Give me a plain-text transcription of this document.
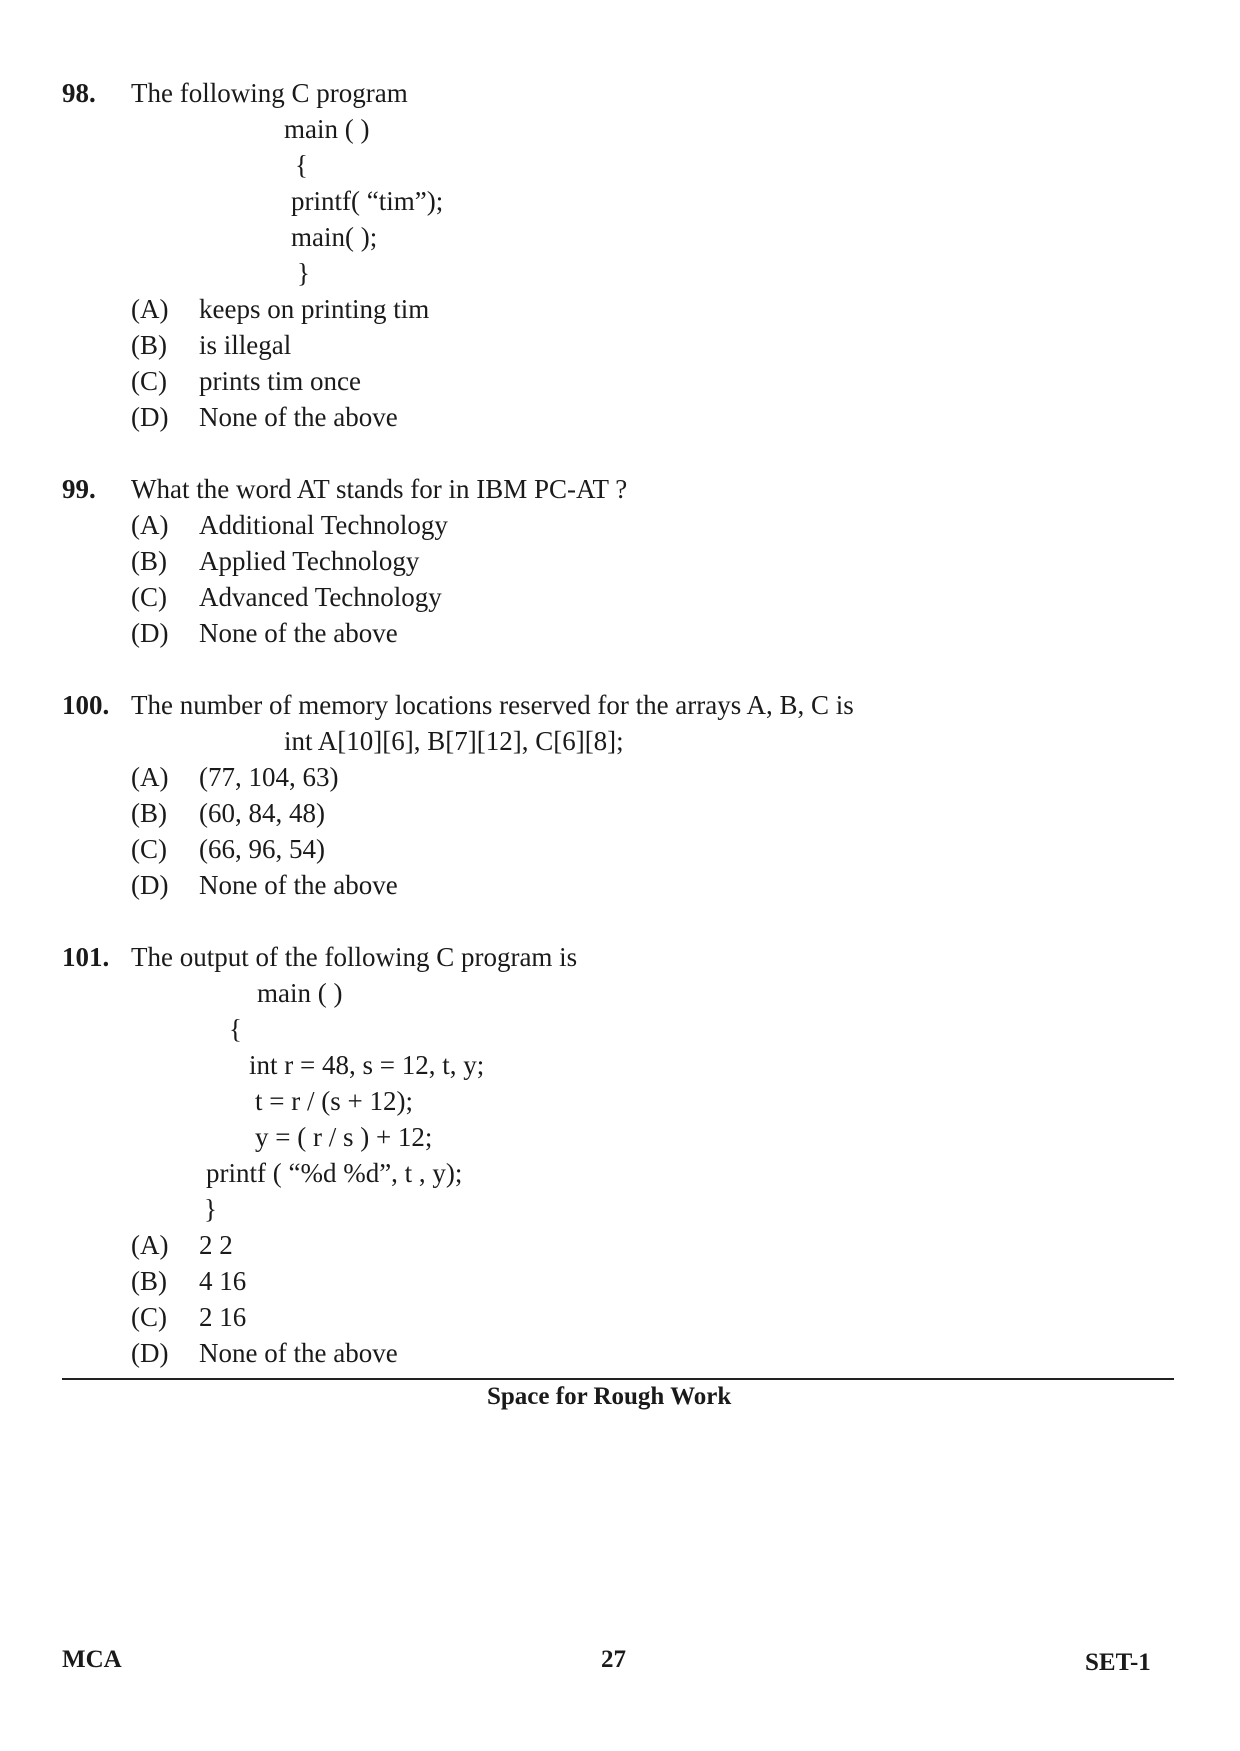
98. The following C program
main ( )
{
printf( “tim”);
main( );
}
(A) keeps on printing tim
(B) is illegal
(C) prints tim once
(D) None of the above
99. What the word AT stands for in IBM PC-AT ?
(A) Additional Technology
(B) Applied Technology
(C) Advanced Technology
(D) None of the above
100. The number of memory locations reserved for the arrays A, B, C is
int A[10][6], B[7][12], C[6][8];
(A) (77, 104, 63)
(B) (60, 84, 48)
(C) (66, 96, 54)
(D) None of the above
101. The output of the following C program is
main ( )
{
int r = 48, s = 12, t, y;
t = r / (s + 12);
y = ( r / s ) + 12;
printf ( “%d %d”, t , y);
}
(A) 2 2
(B) 4 16
(C) 2 16
(D) None of the above
Space for Rough Work
MCA	27	SET-1
